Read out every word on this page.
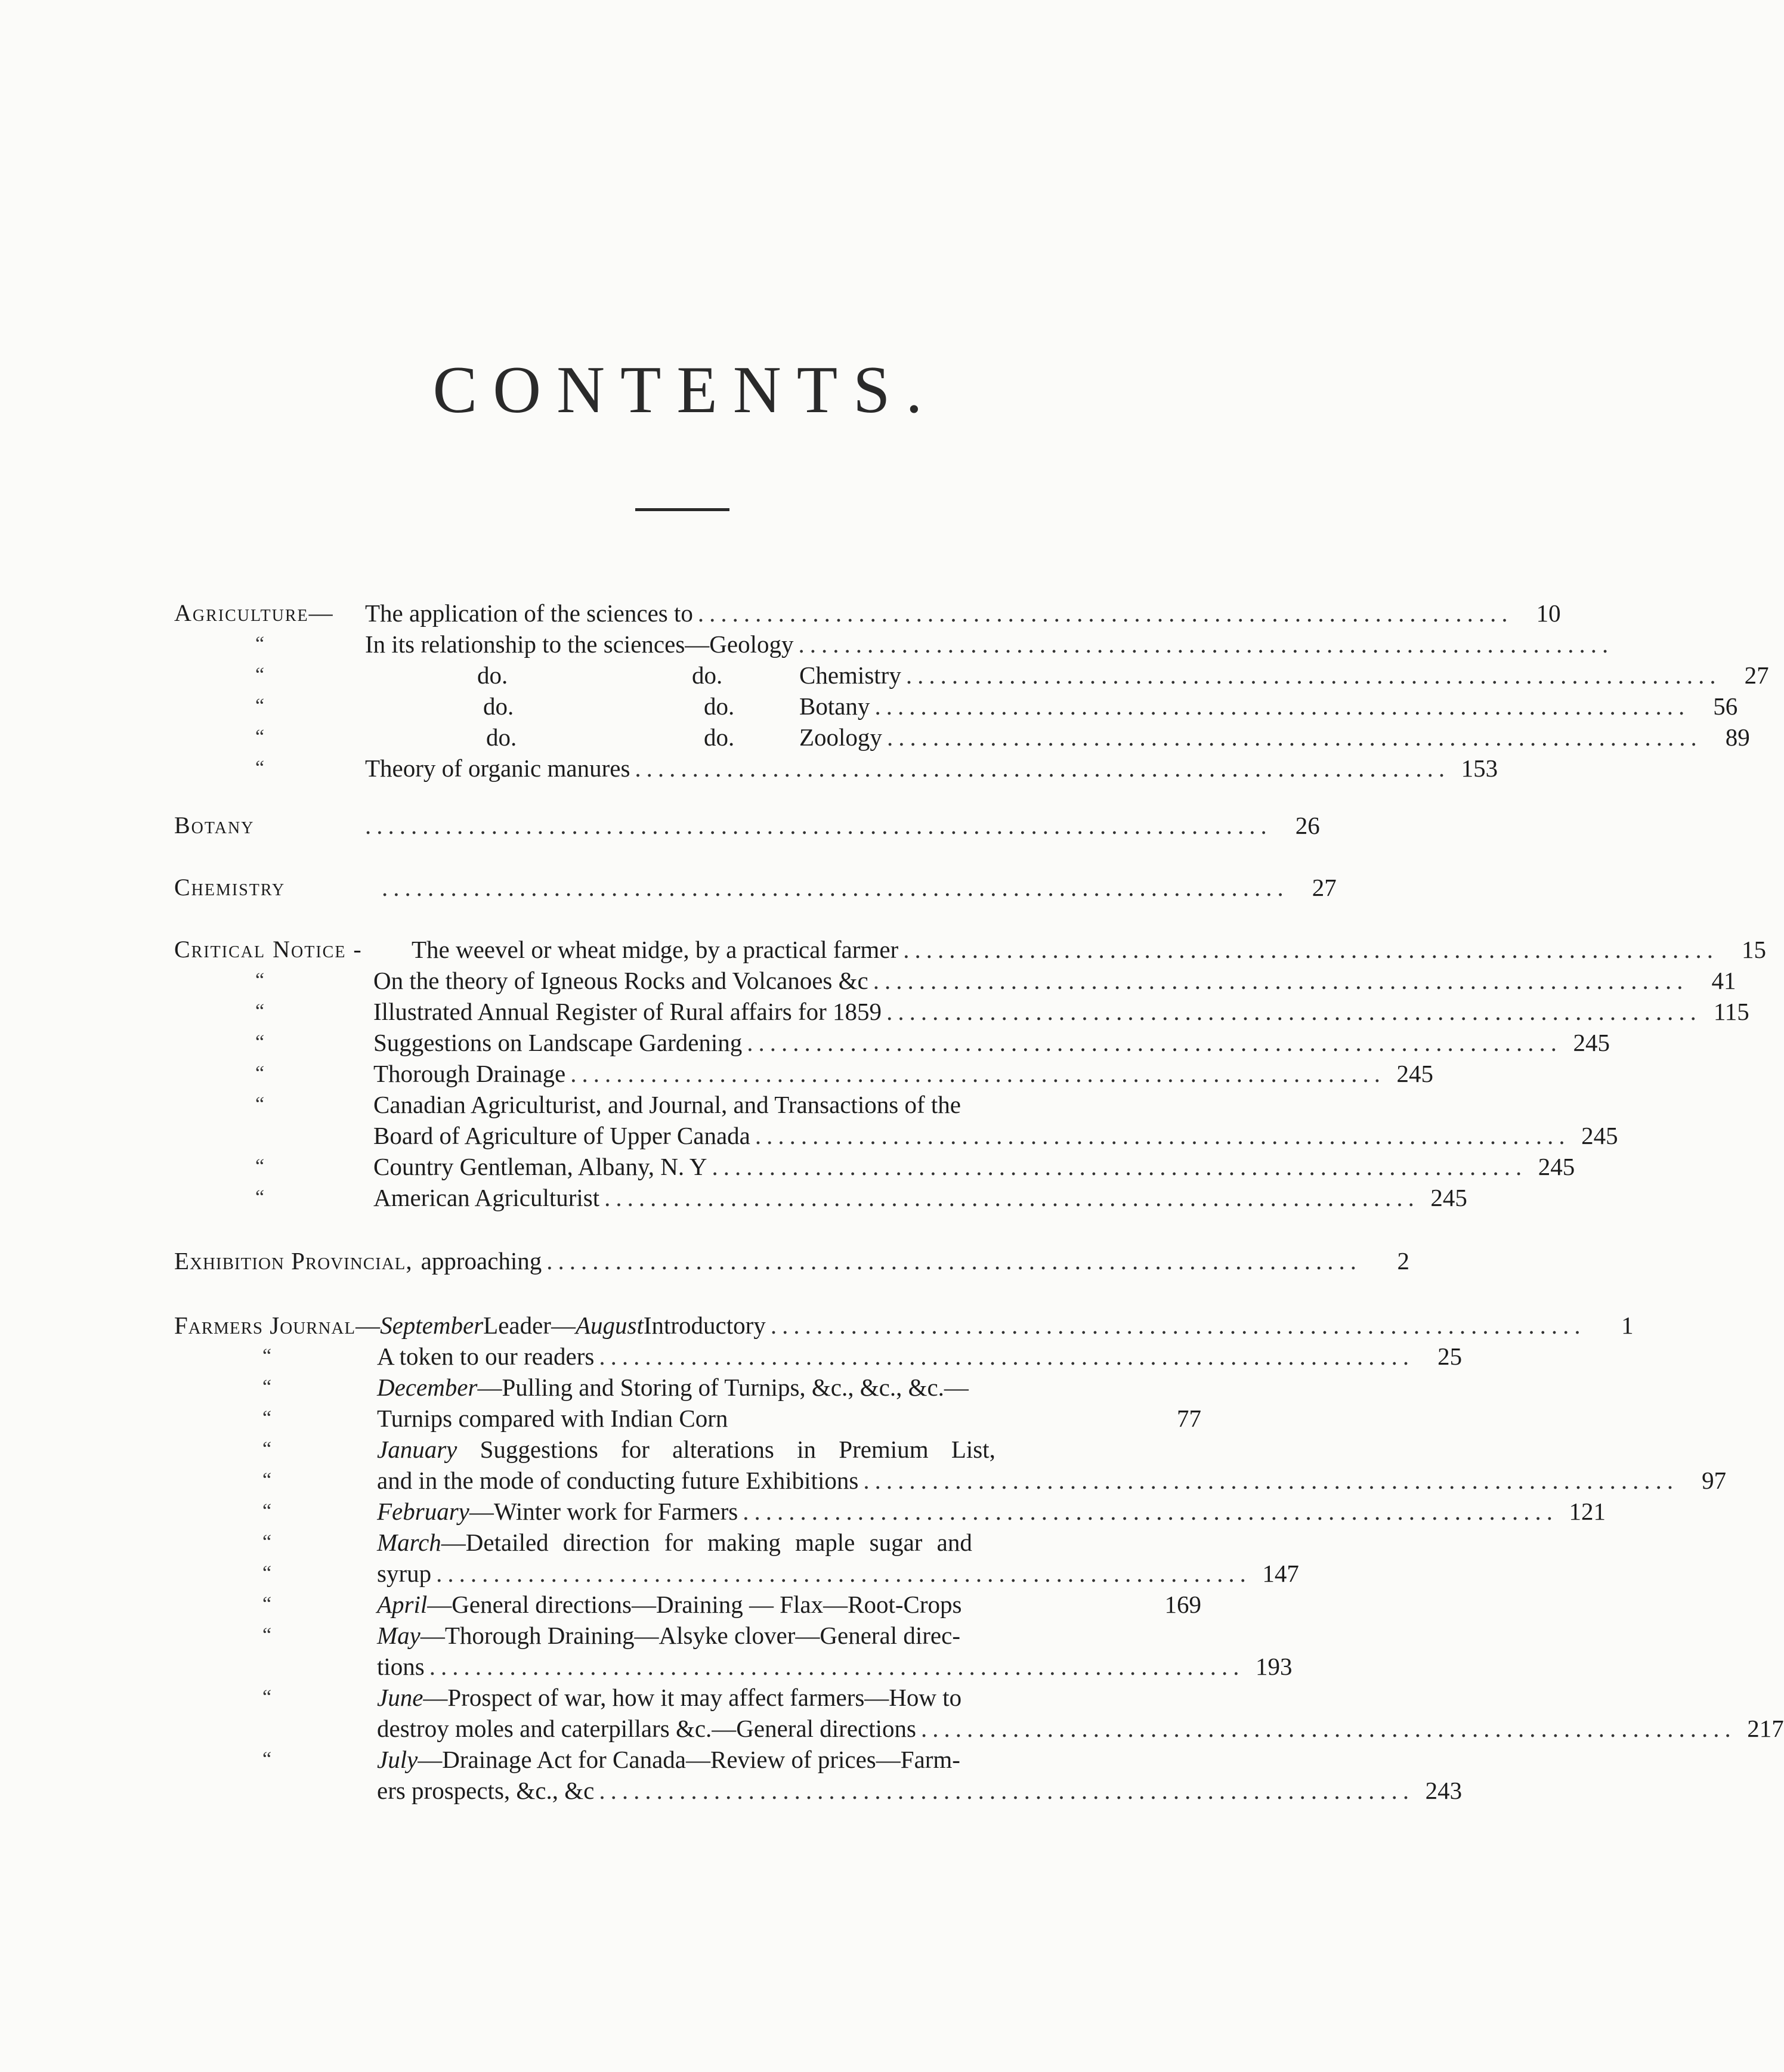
CONTENTS.
Agriculture— The application of the sciences to ....................................................................... 10
“	In its relationship to the sciences—Geology .......................................................................
“	do.	do.	Chemistry ....................................................................... 27
“	do.	do.	Botany ....................................................................... 56
“	do.	do.	Zoology ....................................................................... 89
“	Theory of organic manures ....................................................................... 153
Botany	............................................................................... 26
Chemistry	............................................................................... 27
Critical Notice - The weevel or wheat midge, by a practical farmer ....................................................................... 15
“	On the theory of Igneous Rocks and Volcanoes &c ....................................................................... 41
“	Illustrated Annual Register of Rural affairs for 1859 ....................................................................... 115
“	Suggestions on Landscape Gardening ....................................................................... 245
“	Thorough Drainage ....................................................................... 245
“	Canadian Agriculturist, and Journal, and Transactions of the
Board of Agriculture of Upper Canada ....................................................................... 245
“	Country Gentleman, Albany, N. Y ....................................................................... 245
“	American Agriculturist ....................................................................... 245
Exhibition Provincial, approaching .......................................................................	2
Farmers Journal — September Leader— August Introductory .......................................................................	1
“	A token to our readers ....................................................................... 25
“	December—Pulling and Storing of Turnips, &c., &c., &c.—
“	Turnips compared with Indian Corn	77
“	January Suggestions for alterations in Premium List,
“	and in the mode of conducting future Exhibitions ....................................................................... 97
“	February —Winter work for Farmers ....................................................................... 121
“	March—Detailed direction for making maple sugar and
“	syrup ....................................................................... 147
“	April —General directions—Draining — Flax—Root-Crops	169
“	May—Thorough Draining—Alsyke clover—General direc-
tions ....................................................................... 193
“	June—Prospect of war, how it may affect farmers—How to
destroy moles and caterpillars &c.—General directions ....................................................................... 217
“	July—Drainage Act for Canada—Review of prices—Farm-
ers prospects, &c., &c ....................................................................... 243
